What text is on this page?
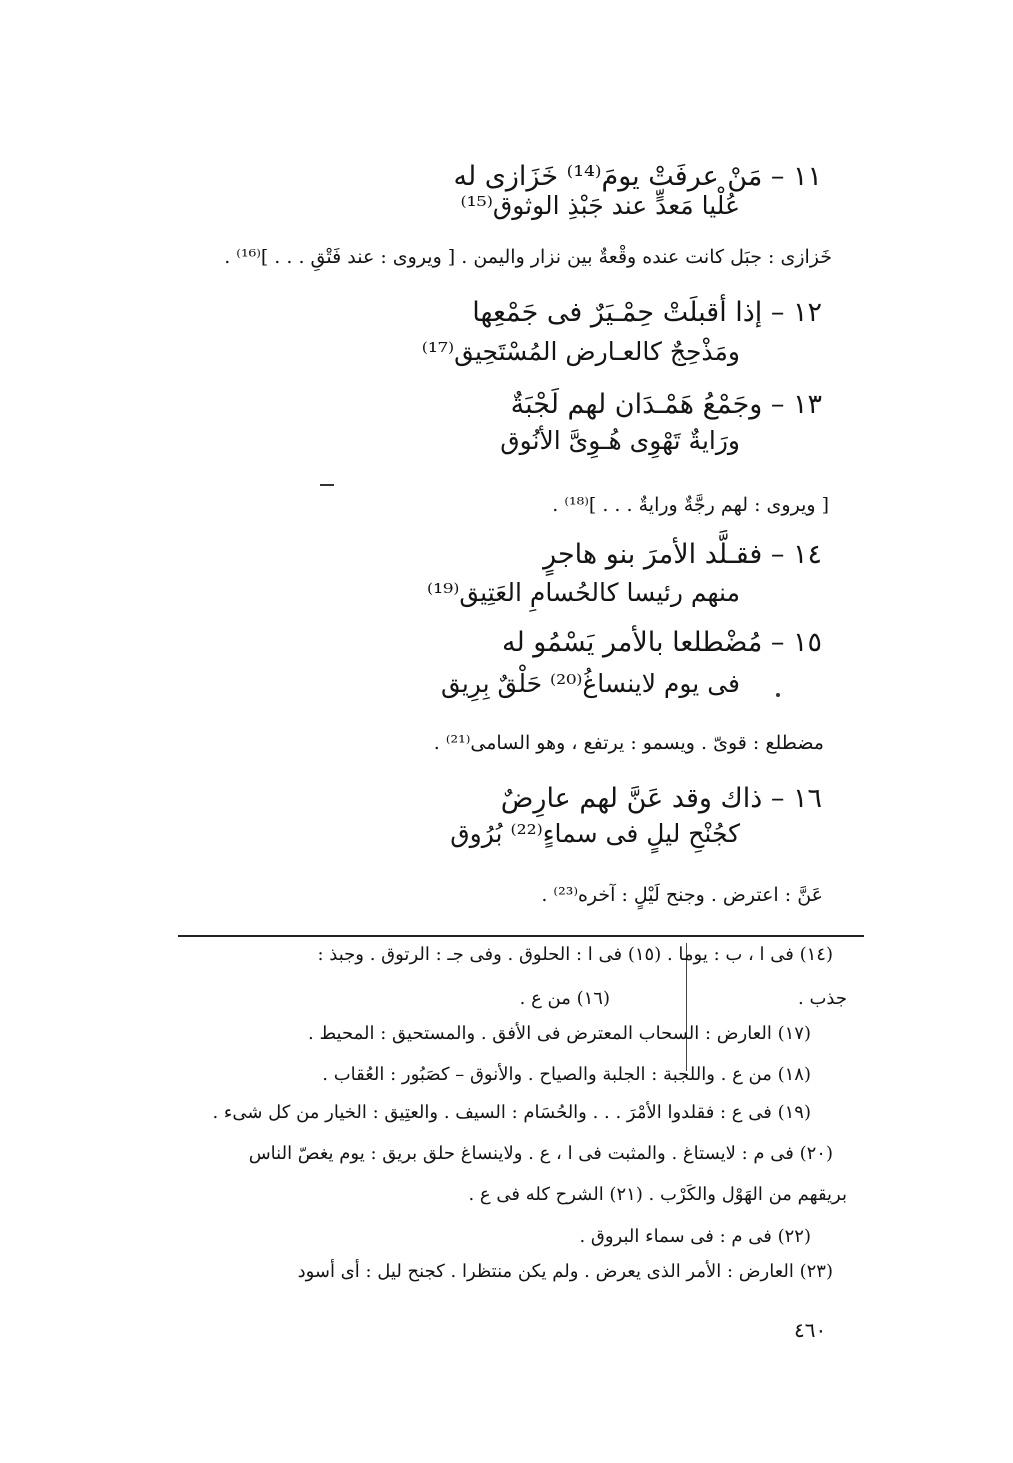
١١ – مَنْ عرفَتْ يومَ⁽¹⁴⁾ خَزَازى له
عُلْيا مَعدٍّ عند جَبْذِ الوثوق⁽¹⁵⁾
خَزازى : جبَل كانت عنده وقْعةٌ بين نزار واليمن . [ ويروى : عند فَتْقِ . . . ]⁽¹⁶⁾ .
١٢ – إذا أقبلَتْ حِمْـيَرٌ فى جَمْعِها
ومَذْحِجٌ كالعـارض المُسْتَحِيق⁽¹⁷⁾
١٣ – وجَمْعُ هَمْـدَان لهم لَجْبَةٌ
ورَايةٌ تَهْوِى هُـوِىَّ الأنُوق
[ ويروى : لهم رجَّةٌ ورايةٌ . . . ]⁽¹⁸⁾ .
١٤ – فقـلَّد الأمرَ بنو هاجرٍ
منهم رئيسا كالحُسامِ العَتِيق⁽¹⁹⁾
١٥ – مُضْطلعا بالأمر يَسْمُو له
فى يوم لاينساغُ⁽²⁰⁾ حَلْقٌ بِرِيق
مضطلع : قوىّ . ويسمو : يرتفع ، وهو السامى⁽²¹⁾ .
١٦ – ذاك وقد عَنَّ لهم عارِضٌ
كجُنْحِ ليلٍ فى سماءٍ⁽²²⁾ بُرُوق
عَنَّ : اعترض . وجنح لَيْلٍ : آخره⁽²³⁾ .
(١٤) فى ا ، ب : يوما . (١٥) فى ا : الحلوق . وفى جـ : الرتوق . وجبذ :
جذب .
(١٦) من ع .
(١٧) العارض : السحاب المعترض فى الأفق . والمستحيق : المحيط .
(١٨) من ع . واللجبة : الجلبة والصياح . والأنوق – كصَبُور : العُقاب .
(١٩) فى ع : فقلدوا الأمْرَ . . . والحُسَام : السيف . والعتِيق : الخيار من كل شىء .
(٢٠) فى م : لايستاغ . والمثبت فى ا ، ع . ولاينساغ حلق بريق : يوم يغصّ الناس
بريقهم من الهَوْل والكَرْب . (٢١) الشرح كله فى ع .
(٢٢) فى م : فى سماء البروق .
(٢٣) العارض : الأمر الذى يعرض . ولم يكن منتظرا . كجنح ليل : أى أسود
٤٦٠
